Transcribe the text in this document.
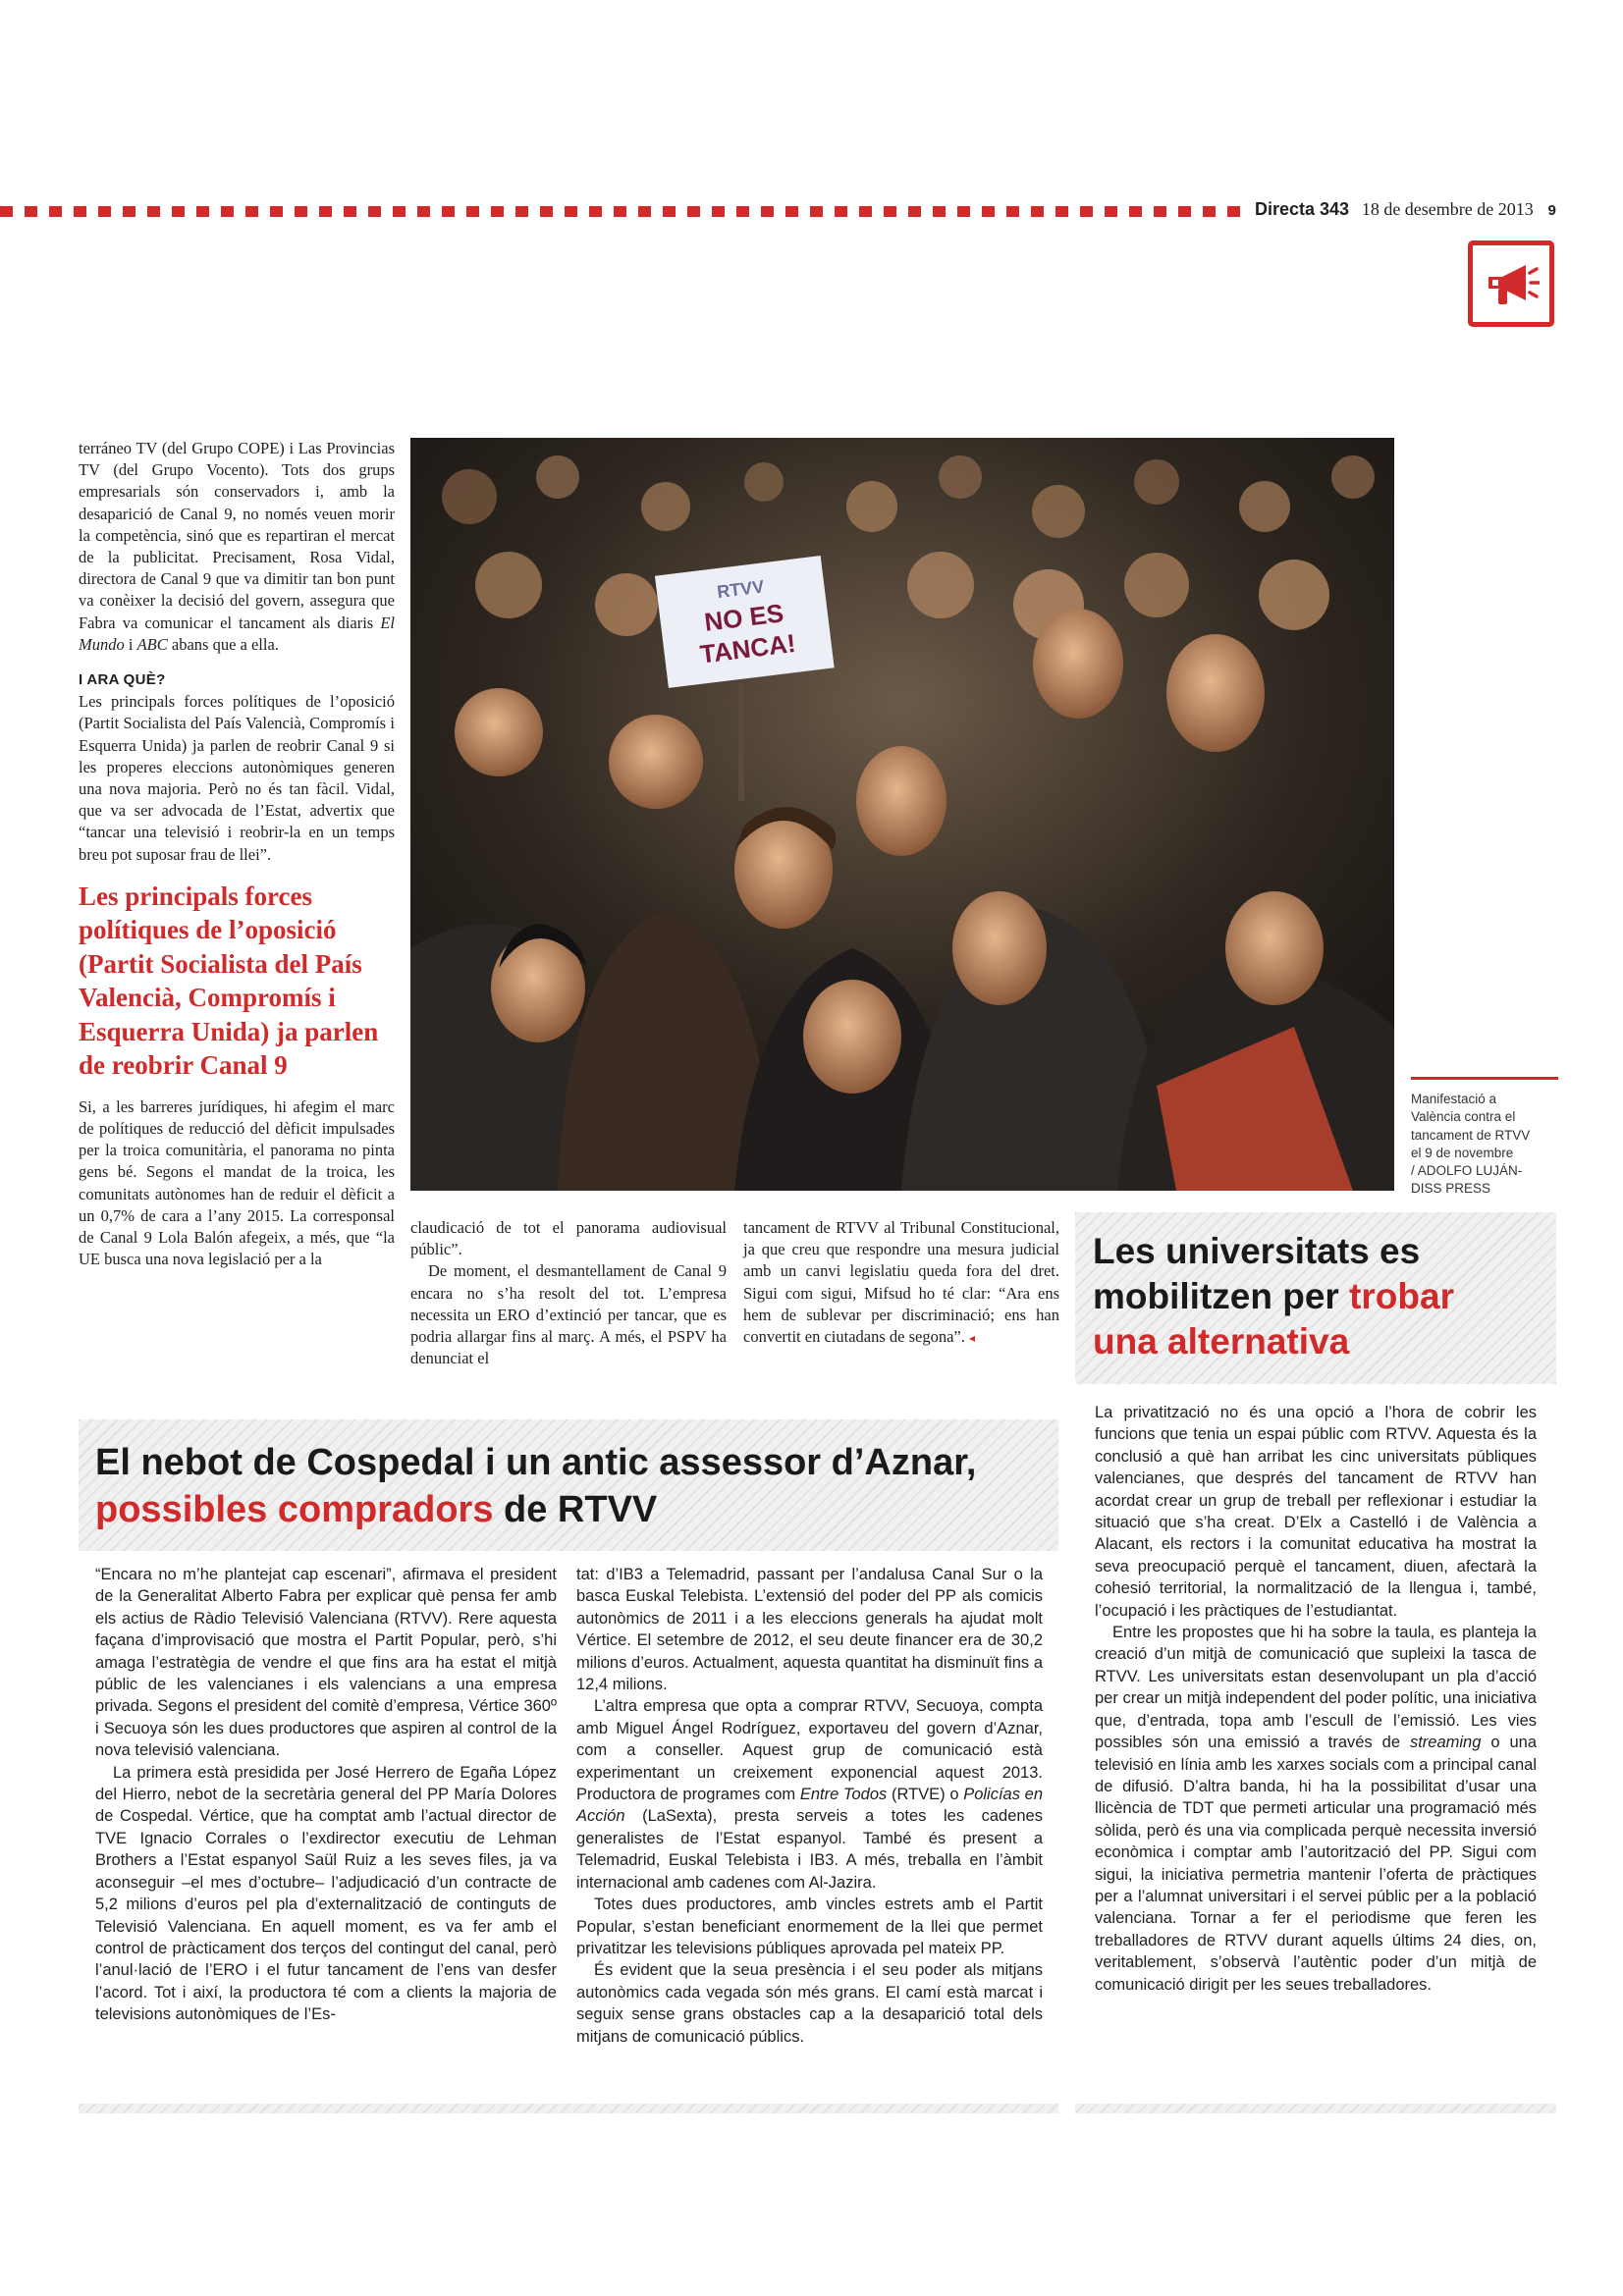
Directa 343 18 de desembre de 2013 9

terráneo TV (del Grupo COPE) i Las Provincias TV (del Grupo Vocento). Tots dos grups empresarials són conservadors i, amb la desaparició de Canal 9, no només veuen morir la competència, sinó que es repartiran el mercat de la publicitat. Precisament, Rosa Vidal, directora de Canal 9 que va dimitir tan bon punt va conèixer la decisió del govern, assegura que Fabra va comunicar el tancament als diaris El Mundo i ABC abans que a ella.

I ARA QUÈ?

Les principals forces polítiques de l’oposició (Partit Socialista del País Valencià, Compromís i Esquerra Unida) ja parlen de reobrir Canal 9 si les properes eleccions autonòmiques generen una nova majoria. Però no és tan fàcil. Vidal, que va ser advocada de l’Estat, advertix que “tancar una televisió i reobrir-la en un temps breu pot suposar frau de llei”.

Les principals forces polítiques de l’oposició (Partit Socialista del País Valencià, Compromís i Esquerra Unida) ja parlen de reobrir Canal 9

Si, a les barreres jurídiques, hi afegim el marc de polítiques de reducció del dèficit impulsades per la troica comunitària, el panorama no pinta gens bé. Segons el mandat de la troica, les comunitats autònomes han de reduir el dèficit a un 0,7% de cara a l’any 2015. La corresponsal de Canal 9 Lola Balón afegeix, a més, que “la UE busca una nova legislació per a la

RTVV
NO ES
TANCA!
Manifestació a
València contra el
tancament de RTVV
el 9 de novembre
/ ADOLFO LUJÁN-
DISS PRESS

claudicació de tot el panorama audiovisual públic”.

De moment, el desmantellament de Canal 9 encara no s’ha resolt del tot. L’empresa necessita un ERO d’extinció per tancar, que es podria allargar fins al març. A més, el PSPV ha denunciat el

tancament de RTVV al Tribunal Constitucional, ja que creu que respondre una mesura judicial amb un canvi legislatiu queda fora del dret. Sigui com sigui, Mifsud ho té clar: “Ara ens hem de sublevar per discriminació; ens han convertit en ciutadans de segona”. ◂

Les universitats es mobilitzen per trobar una alternativa

La privatització no és una opció a l’hora de cobrir les funcions que tenia un espai públic com RTVV. Aquesta és la conclusió a què han arribat les cinc universitats públiques valencianes, que després del tancament de RTVV han acordat crear un grup de treball per reflexionar i estudiar la situació que s’ha creat. D’Elx a Castelló i de València a Alacant, els rectors i la comunitat educativa ha mostrat la seva preocupació perquè el tancament, diuen, afectarà la cohesió territorial, la normalització de la llengua i, també, l’ocupació i les pràctiques de l’estudiantat.

Entre les propostes que hi ha sobre la taula, es planteja la creació d’un mitjà de comunicació que supleixi la tasca de RTVV. Les universitats estan desenvolupant un pla d’acció per crear un mitjà independent del poder polític, una iniciativa que, d’entrada, topa amb l’escull de l’emissió. Les vies possibles són una emissió a través de streaming o una televisió en línia amb les xarxes socials com a principal canal de difusió. D’altra banda, hi ha la possibilitat d’usar una llicència de TDT que permeti articular una programació més sòlida, però és una via complicada perquè necessita inversió econòmica i comptar amb l’autorització del PP. Sigui com sigui, la iniciativa permetria mantenir l’oferta de pràctiques per a l’alumnat universitari i el servei públic per a la població valenciana. Tornar a fer el periodisme que feren les treballadores de RTVV durant aquells últims 24 dies, on, veritablement, s’observà l’autèntic poder d’un mitjà de comunicació dirigit per les seues treballadores.

El nebot de Cospedal i un antic assessor d’Aznar,
possibles compradors de RTVV

“Encara no m’he plantejat cap escenari”, afirmava el president de la Generalitat Alberto Fabra per explicar què pensa fer amb els actius de Ràdio Televisió Valenciana (RTVV). Rere aquesta façana d’improvisació que mostra el Partit Popular, però, s’hi amaga l’estratègia de vendre el que fins ara ha estat el mitjà públic de les valencianes i els valencians a una empresa privada. Segons el president del comitè d’empresa, Vértice 360º i Secuoya són les dues productores que aspiren al control de la nova televisió valenciana.

La primera està presidida per José Herrero de Egaña López del Hierro, nebot de la secretària general del PP María Dolores de Cospedal. Vértice, que ha comptat amb l’actual director de TVE Ignacio Corrales o l’exdirector executiu de Lehman Brothers a l’Estat espanyol Saül Ruiz a les seves files, ja va aconseguir –el mes d’octubre– l’adjudicació d’un contracte de 5,2 milions d’euros pel pla d’externalització de continguts de Televisió Valenciana. En aquell moment, es va fer amb el control de pràcticament dos terços del contingut del canal, però l’anul·lació de l’ERO i el futur tancament de l’ens van desfer l’acord. Tot i així, la productora té com a clients la majoria de televisions autonòmiques de l’Es-

tat: d’IB3 a Telemadrid, passant per l’andalusa Canal Sur o la basca Euskal Telebista. L’extensió del poder del PP als comicis autonòmics de 2011 i a les eleccions generals ha ajudat molt Vértice. El setembre de 2012, el seu deute financer era de 30,2 milions d’euros. Actualment, aquesta quantitat ha disminuït fins a 12,4 milions.

L’altra empresa que opta a comprar RTVV, Secuoya, compta amb Miguel Ángel Rodríguez, exportaveu del govern d’Aznar, com a conseller. Aquest grup de comunicació està experimentant un creixement exponencial aquest 2013. Productora de programes com Entre Todos (RTVE) o Policías en Acción (LaSexta), presta serveis a totes les cadenes generalistes de l’Estat espanyol. També és present a Telemadrid, Euskal Telebista i IB3. A més, treballa en l’àmbit internacional amb cadenes com Al-Jazira.

Totes dues productores, amb vincles estrets amb el Partit Popular, s’estan beneficiant enormement de la llei que permet privatitzar les televisions públiques aprovada pel mateix PP.

És evident que la seua presència i el seu poder als mitjans autonòmics cada vegada són més grans. El camí està marcat i seguix sense grans obstacles cap a la desaparició total dels mitjans de comunicació públics.
